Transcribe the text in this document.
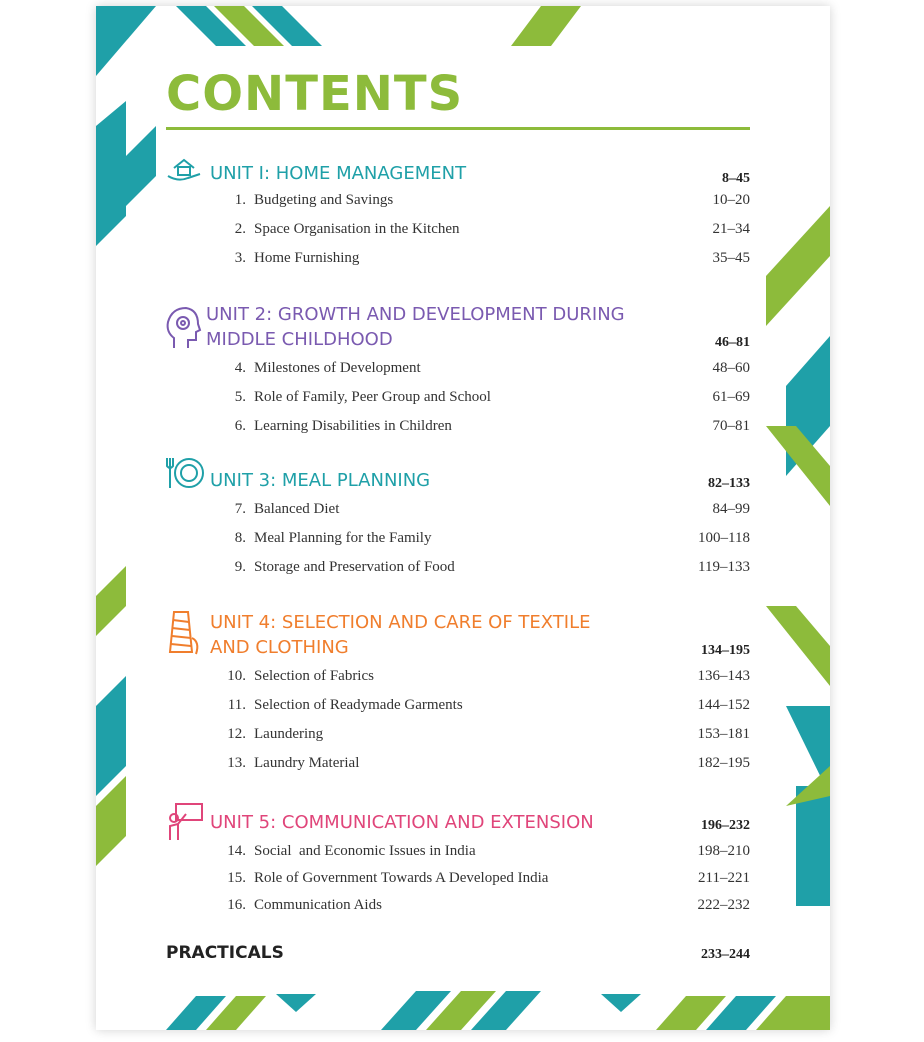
CONTENTS
UNIT I: HOME MANAGEMENT	8–45
1. Budgeting and Savings	10–20
2. Space Organisation in the Kitchen	21–34
3. Home Furnishing	35–45
UNIT 2: GROWTH AND DEVELOPMENT DURING
MIDDLE CHILDHOOD	46–81
4. Milestones of Development	48–60
5. Role of Family, Peer Group and School	61–69
6. Learning Disabilities in Children	70–81
UNIT 3: MEAL PLANNING	82–133
7. Balanced Diet	84–99
8. Meal Planning for the Family	100–118
9. Storage and Preservation of Food	119–133
UNIT 4: SELECTION AND CARE OF TEXTILE
AND CLOTHING	134–195
10. Selection of Fabrics	136–143
11. Selection of Readymade Garments	144–152
12. Laundering	153–181
13. Laundry Material	182–195
UNIT 5: COMMUNICATION AND EXTENSION	196–232
14. Social  and Economic Issues in India	198–210
15. Role of Government Towards A Developed India	211–221
16. Communication Aids	222–232
PRACTICALS	233–244
